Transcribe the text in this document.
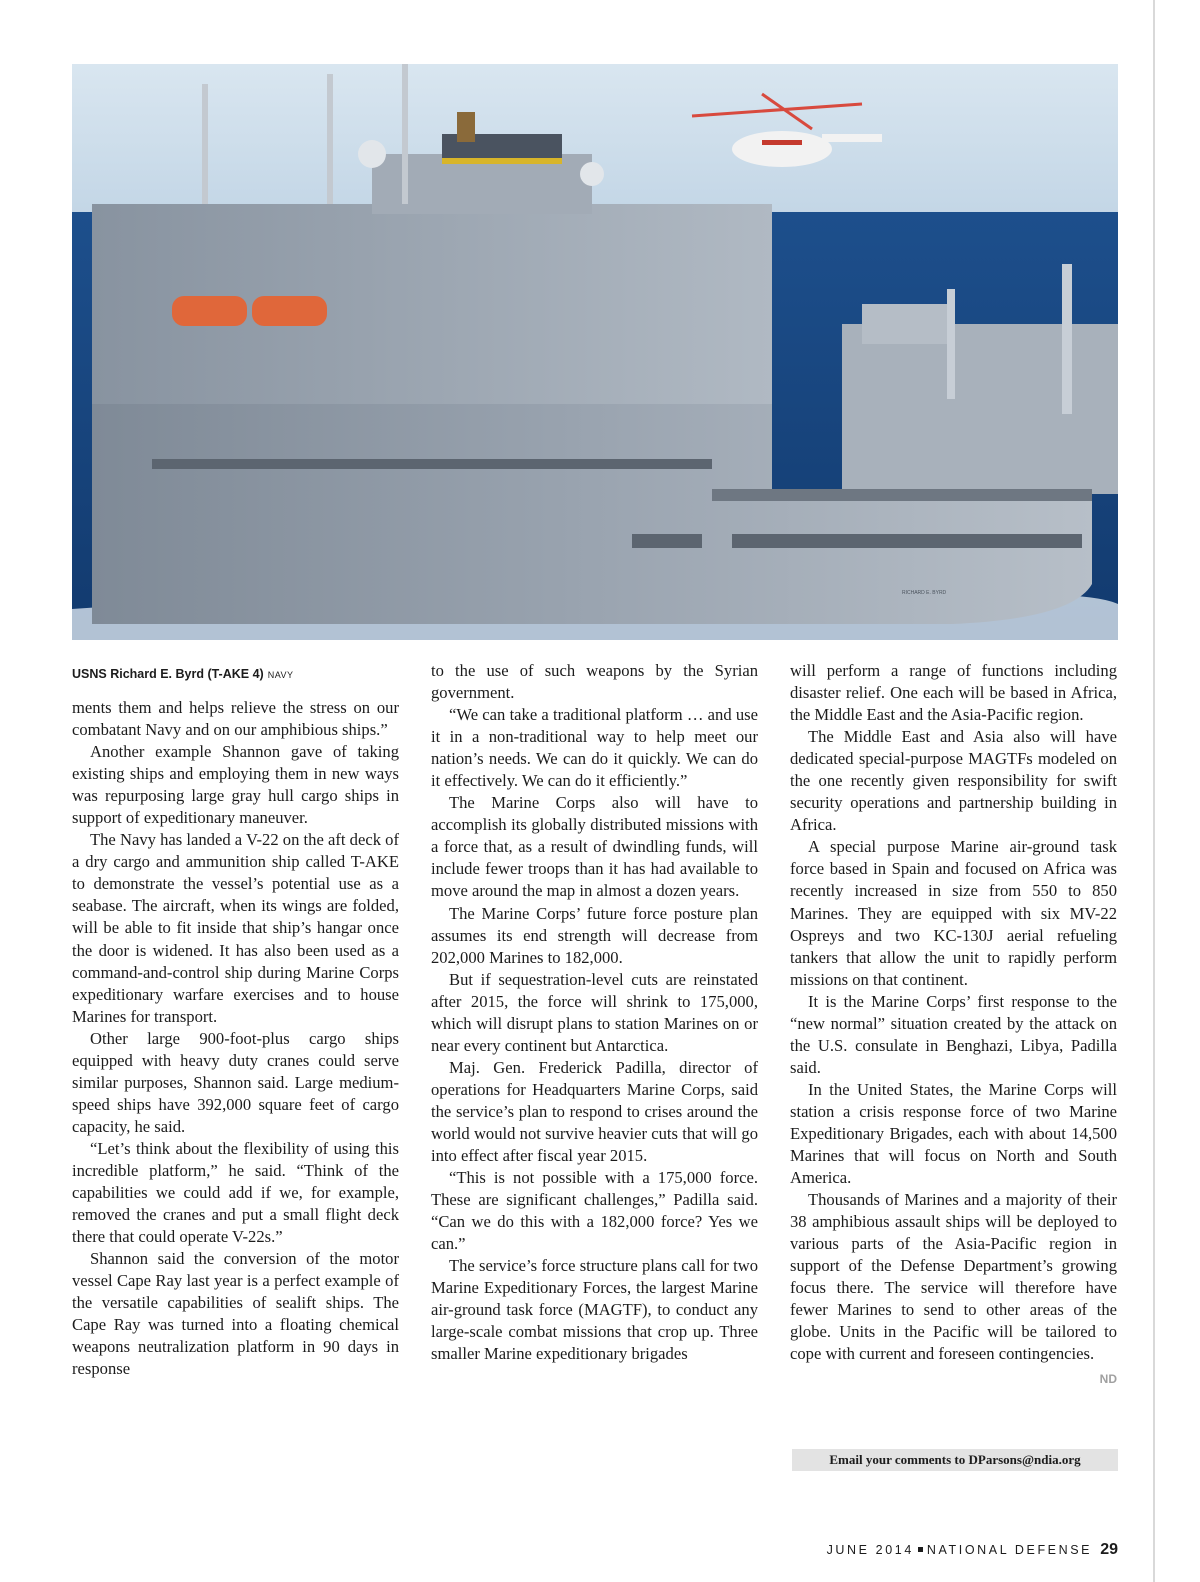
RICHARD E. BYRD
USNS Richard E. Byrd (T-AKE 4) NAVY

ments them and helps relieve the stress on our combatant Navy and on our amphibious ships.”

Another example Shannon gave of taking existing ships and employing them in new ways was repurposing large gray hull cargo ships in support of expeditionary maneuver.

The Navy has landed a V-22 on the aft deck of a dry cargo and ammunition ship called T-AKE to demonstrate the vessel’s potential use as a seabase. The aircraft, when its wings are folded, will be able to fit inside that ship’s hangar once the door is widened. It has also been used as a command-and-control ship during Marine Corps expeditionary warfare exercises and to house Marines for transport.

Other large 900-foot-plus cargo ships equipped with heavy duty cranes could serve similar purposes, Shannon said. Large medium-speed ships have 392,000 square feet of cargo capacity, he said.

“Let’s think about the flexibility of using this incredible platform,” he said. “Think of the capabilities we could add if we, for example, removed the cranes and put a small flight deck there that could operate V-22s.”

Shannon said the conversion of the motor vessel Cape Ray last year is a perfect example of the versatile capabilities of sealift ships. The Cape Ray was turned into a floating chemical weapons neutralization platform in 90 days in response

to the use of such weapons by the Syrian government.

“We can take a traditional platform … and use it in a non-traditional way to help meet our nation’s needs. We can do it quickly. We can do it effectively. We can do it efficiently.”

The Marine Corps also will have to accomplish its globally distributed missions with a force that, as a result of dwindling funds, will include fewer troops than it has had available to move around the map in almost a dozen years.

The Marine Corps’ future force posture plan assumes its end strength will decrease from 202,000 Marines to 182,000.

But if sequestration-level cuts are reinstated after 2015, the force will shrink to 175,000, which will disrupt plans to station Marines on or near every continent but Antarctica.

Maj. Gen. Frederick Padilla, director of operations for Headquarters Marine Corps, said the service’s plan to respond to crises around the world would not survive heavier cuts that will go into effect after fiscal year 2015.

“This is not possible with a 175,000 force. These are significant challenges,” Padilla said. “Can we do this with a 182,000 force? Yes we can.”

The service’s force structure plans call for two Marine Expeditionary Forces, the largest Marine air-ground task force (MAGTF), to conduct any large-scale combat missions that crop up. Three smaller Marine expeditionary brigades

will perform a range of functions including disaster relief. One each will be based in Africa, the Middle East and the Asia-Pacific region.

The Middle East and Asia also will have dedicated special-purpose MAGTFs modeled on the one recently given responsibility for swift security operations and partnership building in Africa.

A special purpose Marine air-ground task force based in Spain and focused on Africa was recently increased in size from 550 to 850 Marines. They are equipped with six MV-22 Ospreys and two KC-130J aerial refueling tankers that allow the unit to rapidly perform missions on that continent.

It is the Marine Corps’ first response to the “new normal” situation created by the attack on the U.S. consulate in Benghazi, Libya, Padilla said.

In the United States, the Marine Corps will station a crisis response force of two Marine Expeditionary Brigades, each with about 14,500 Marines that will focus on North and South America.

Thousands of Marines and a majority of their 38 amphibious assault ships will be deployed to various parts of the Asia-Pacific region in support of the Defense Department’s growing focus there. The service will therefore have fewer Marines to send to other areas of the globe. Units in the Pacific will be tailored to cope with current and foreseen contingencies.
ND

Email your comments to DParsons@ndia.org
JUNE 2014 NATIONAL DEFENSE 29
